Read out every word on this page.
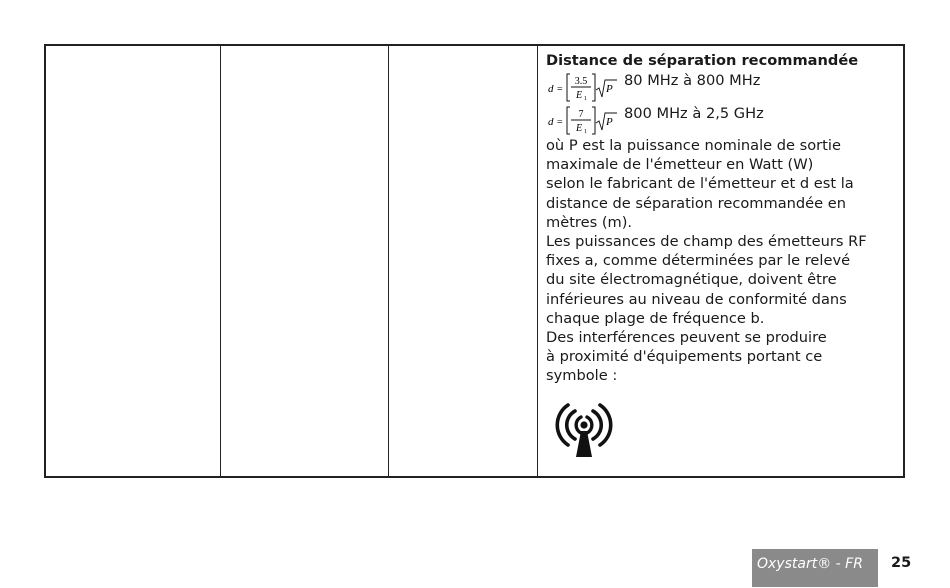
Distance de séparation recommandée

d =
3.5
E 1
P 80 MHz à 800 MHz
d =
7
E 1
P 800 MHz à 2,5 GHz
où P est la puissance nominale de sortie
maximale de l'émetteur en Watt (W)
selon le fabricant de l'émetteur et d est la
distance de séparation recommandée en
mètres (m).
Les puissances de champ des émetteurs RF
fixes a, comme déterminées par le relevé
du site électromagnétique, doivent être
inférieures au niveau de conformité dans
chaque plage de fréquence b.
Des interférences peuvent se produire
à proximité d'équipements portant ce
symbole :
Oxystart® - FR	25
